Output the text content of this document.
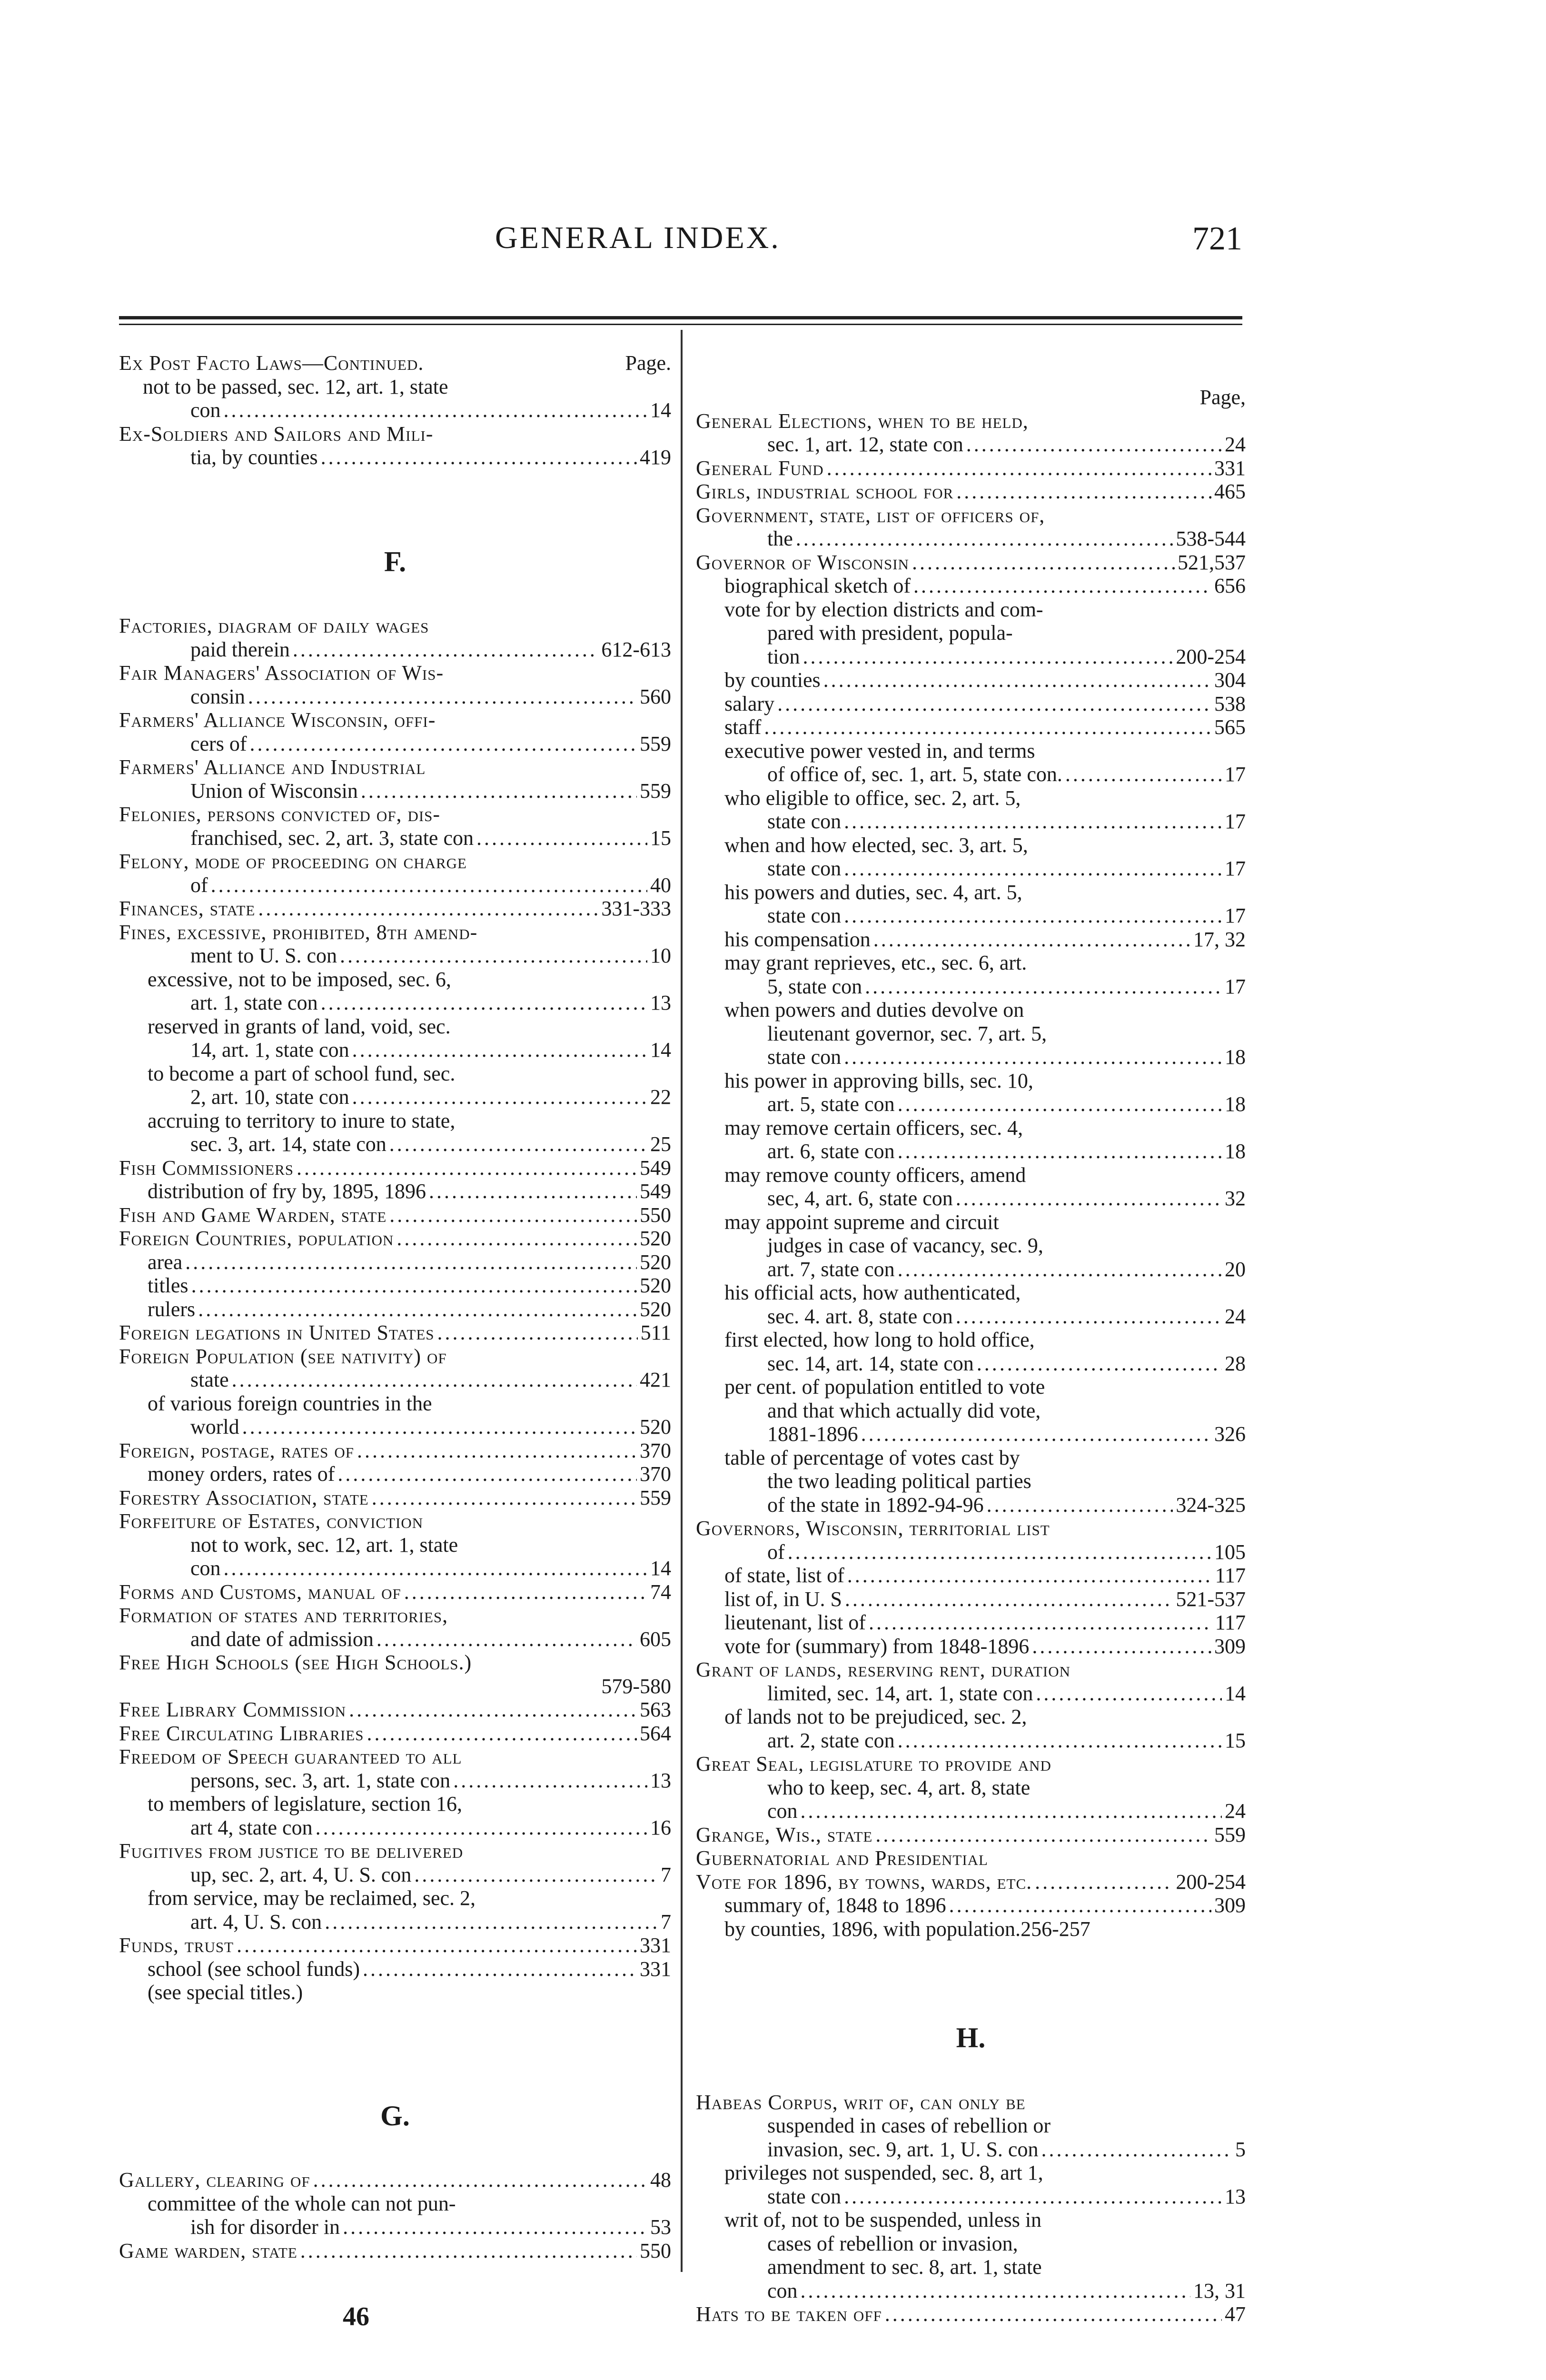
GENERAL INDEX.	721
Ex Post Facto Laws—Continued.	Page.
not to be passed, sec. 12, art. 1, state
con .....	14
Ex-Soldiers and Sailors and Mili-
tia, by counties .....	419
F.
Factories, diagram of daily wages
paid therein .....	612-613
Fair Managers' Association of Wis-
consin .....	560
Farmers' Alliance Wisconsin, offi-
cers of .....	559
Farmers' Alliance and Industrial
Union of Wisconsin .....	559
Felonies, persons convicted of, dis-
franchised, sec. 2, art. 3, state con .....	15
Felony, mode of proceeding on charge
of .....	40
Finances, state .....	331-333
Fines, excessive, prohibited, 8th amend-
ment to U. S. con .....	10
excessive, not to be imposed, sec. 6,
art. 1, state con .....	13
reserved in grants of land, void, sec.
14, art. 1, state con .....	14
to become a part of school fund, sec.
2, art. 10, state con .....	22
accruing to territory to inure to state,
sec. 3, art. 14, state con .....	25
Fish Commissioners .....	549
distribution of fry by, 1895, 1896 .....	549
Fish and Game Warden, state .....	550
Foreign Countries, population .....	520
area .....	520
titles .....	520
rulers .....	520
Foreign legations in United States .....	511
Foreign Population (see nativity) of
state .....	421
of various foreign countries in the
world .....	520
Foreign, postage, rates of .....	370
money orders, rates of .....	370
Forestry Association, state .....	559
Forfeiture of Estates, conviction
not to work, sec. 12, art. 1, state
con .....	14
Forms and Customs, manual of .....	74
Formation of states and territories,
and date of admission .....	605
Free High Schools (see High Schools.)
579-580
Free Library Commission .....	563
Free Circulating Libraries .....	564
Freedom of Speech guaranteed to all
persons, sec. 3, art. 1, state con .....	13
to members of legislature, section 16,
art 4, state con .....	16
Fugitives from justice to be delivered
up, sec. 2, art. 4, U. S. con .....	7
from service, may be reclaimed, sec. 2,
art. 4, U. S. con .....	7
Funds, trust .....	331
school (see school funds) .....	331
(see special titles.)
G.
Gallery, clearing of .....	48
committee of the whole can not pun-
ish for disorder in .....	53
Game warden, state .....	550
Page,
General Elections, when to be held,
sec. 1, art. 12, state con .....	24
General Fund .....	331
Girls, industrial school for .....	465
Government, state, list of officers of,
the .....	538-544
Governor of Wisconsin .....	521,537
biographical sketch of .....	656
vote for by election districts and com-
pared with president, popula-
tion .....	200-254
by counties .....	304
salary .....	538
staff .....	565
executive power vested in, and terms
of office of, sec. 1, art. 5, state con. .....	17
who eligible to office, sec. 2, art. 5,
state con .....	17
when and how elected, sec. 3, art. 5,
state con .....	17
his powers and duties, sec. 4, art. 5,
state con .....	17
his compensation .....	17, 32
may grant reprieves, etc., sec. 6, art.
5, state con .....	17
when powers and duties devolve on
lieutenant governor, sec. 7, art. 5,
state con .....	18
his power in approving bills, sec. 10,
art. 5, state con .....	18
may remove certain officers, sec. 4,
art. 6, state con .....	18
may remove county officers, amend
sec, 4, art. 6, state con .....	32
may appoint supreme and circuit
judges in case of vacancy, sec. 9,
art. 7, state con .....	20
his official acts, how authenticated,
sec. 4. art. 8, state con .....	24
first elected, how long to hold office,
sec. 14, art. 14, state con .....	28
per cent. of population entitled to vote
and that which actually did vote,
1881-1896 .....	326
table of percentage of votes cast by
the two leading political parties
of the state in 1892-94-96 .....	324-325
Governors, Wisconsin, territorial list
of .....	105
of state, list of .....	117
list of, in U. S .....	521-537
lieutenant, list of .....	117
vote for (summary) from 1848-1896 .....	309
Grant of lands, reserving rent, duration
limited, sec. 14, art. 1, state con .....	14
of lands not to be prejudiced, sec. 2,
art. 2, state con .....	15
Great Seal, legislature to provide and
who to keep, sec. 4, art. 8, state
con .....	24
Grange, Wis., state .....	559
Gubernatorial and Presidential
Vote for 1896, by towns, wards, etc. .....	200-254
summary of, 1848 to 1896 .....	309
by counties, 1896, with population. 256-257
H.
Habeas Corpus, writ of, can only be
suspended in cases of rebellion or
invasion, sec. 9, art. 1, U. S. con .....	5
privileges not suspended, sec. 8, art 1,
state con .....	13
writ of, not to be suspended, unless in
cases of rebellion or invasion,
amendment to sec. 8, art. 1, state
con .....	13, 31
Hats to be taken off .....	47
46
